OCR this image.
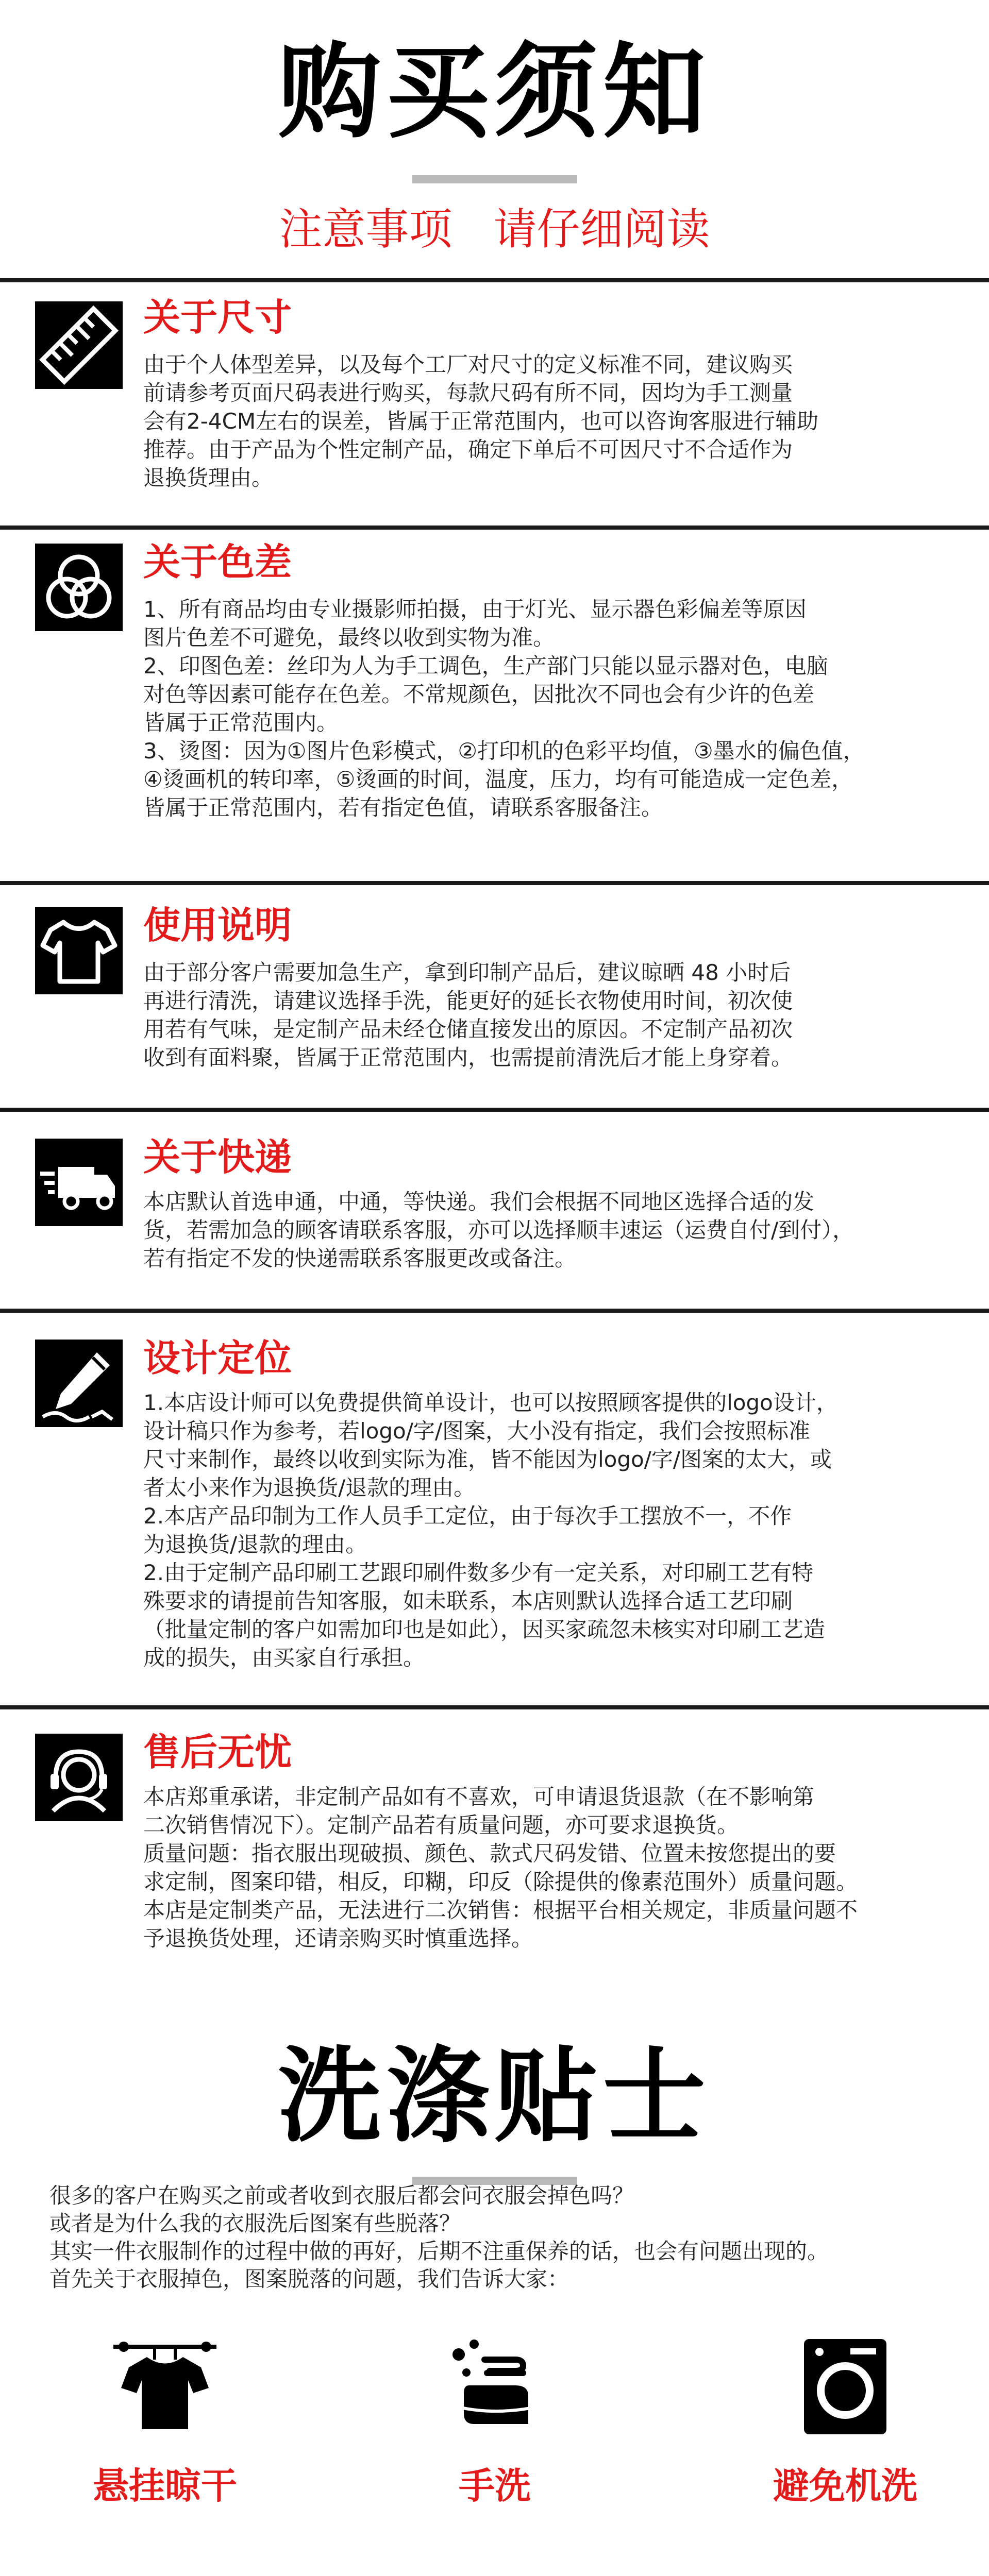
购买须知
注意事项   请仔细阅读
关于尺寸
由于个人体型差异，以及每个工厂对尺寸的定义标准不同，建议购买
前请参考页面尺码表进行购买，每款尺码有所不同，因均为手工测量
会有2-4CM左右的误差，皆属于正常范围内，也可以咨询客服进行辅助
推荐。由于产品为个性定制产品，确定下单后不可因尺寸不合适作为
退换货理由。
关于色差
1、所有商品均由专业摄影师拍摄，由于灯光、显示器色彩偏差等原因
图片色差不可避免，最终以收到实物为准。
2、印图色差：丝印为人为手工调色，生产部门只能以显示器对色，电脑
对色等因素可能存在色差。不常规颜色，因批次不同也会有少许的色差
皆属于正常范围内。
3、烫图：因为①图片色彩模式，②打印机的色彩平均值，③墨水的偏色值，
④烫画机的转印率，⑤烫画的时间，温度，压力，均有可能造成一定色差，
皆属于正常范围内，若有指定色值，请联系客服备注。
使用说明
由于部分客户需要加急生产，拿到印制产品后，建议晾晒 48 小时后
再进行清洗，请建议选择手洗，能更好的延长衣物使用时间，初次使
用若有气味，是定制产品未经仓储直接发出的原因。不定制产品初次
收到有面料聚，皆属于正常范围内，也需提前清洗后才能上身穿着。
关于快递
本店默认首选申通，中通，等快递。我们会根据不同地区选择合适的发
货，若需加急的顾客请联系客服，亦可以选择顺丰速运（运费自付/到付），
若有指定不发的快递需联系客服更改或备注。
设计定位
1.本店设计师可以免费提供简单设计，也可以按照顾客提供的logo设计，
设计稿只作为参考，若logo/字/图案，大小没有指定，我们会按照标准
尺寸来制作，最终以收到实际为准，皆不能因为logo/字/图案的太大，或
者太小来作为退换货/退款的理由。
2.本店产品印制为工作人员手工定位，由于每次手工摆放不一，不作
为退换货/退款的理由。
2.由于定制产品印刷工艺跟印刷件数多少有一定关系，对印刷工艺有特
殊要求的请提前告知客服，如未联系，本店则默认选择合适工艺印刷
（批量定制的客户如需加印也是如此），因买家疏忽未核实对印刷工艺造
成的损失，由买家自行承担。
售后无忧
本店郑重承诺，非定制产品如有不喜欢，可申请退货退款（在不影响第
二次销售情况下）。定制产品若有质量问题，亦可要求退换货。
质量问题：指衣服出现破损、颜色、款式尺码发错、位置未按您提出的要
求定制，图案印错，相反，印糊，印反（除提供的像素范围外）质量问题。
本店是定制类产品，无法进行二次销售：根据平台相关规定，非质量问题不
予退换货处理，还请亲购买时慎重选择。
洗涤贴士
很多的客户在购买之前或者收到衣服后都会问衣服会掉色吗？
或者是为什么我的衣服洗后图案有些脱落？
其实一件衣服制作的过程中做的再好，后期不注重保养的话，也会有问题出现的。
首先关于衣服掉色，图案脱落的问题，我们告诉大家：
悬挂晾干	手洗	避免机洗
